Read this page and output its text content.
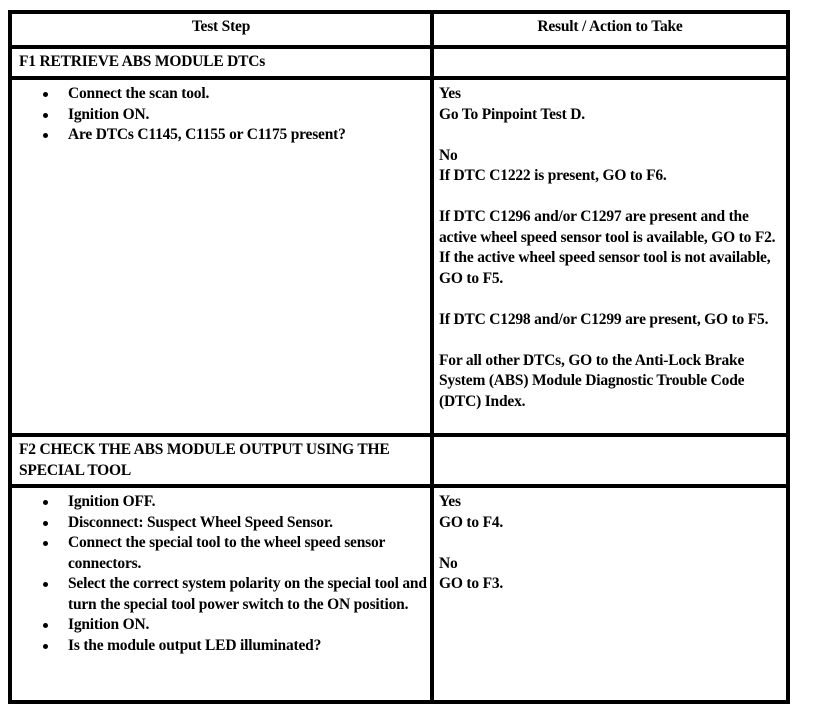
Test Step	Result / Action to Take
F1 RETRIEVE ABS MODULE DTCs
Connect the scan tool.
Ignition ON.
Are DTCs C1145, C1155 or C1175 present?

Yes

Go To Pinpoint Test D.

No

If DTC C1222 is present, GO to F6.

If DTC C1296 and/or C1297 are present and the active wheel speed sensor tool is available, GO to F2. If the active wheel speed sensor tool is not available, GO to F5.

If DTC C1298 and/or C1299 are present, GO to F5.

For all other DTCs, GO to the Anti-Lock Brake System (ABS) Module Diagnostic Trouble Code (DTC) Index.

F2 CHECK THE ABS MODULE OUTPUT USING THE SPECIAL TOOL
Ignition OFF.
Disconnect: Suspect Wheel Speed Sensor.
Connect the special tool to the wheel speed sensor connectors.
Select the correct system polarity on the special tool and turn the special tool power switch to the ON position.
Ignition ON.
Is the module output LED illuminated?

Yes

GO to F4.

No

GO to F3.
